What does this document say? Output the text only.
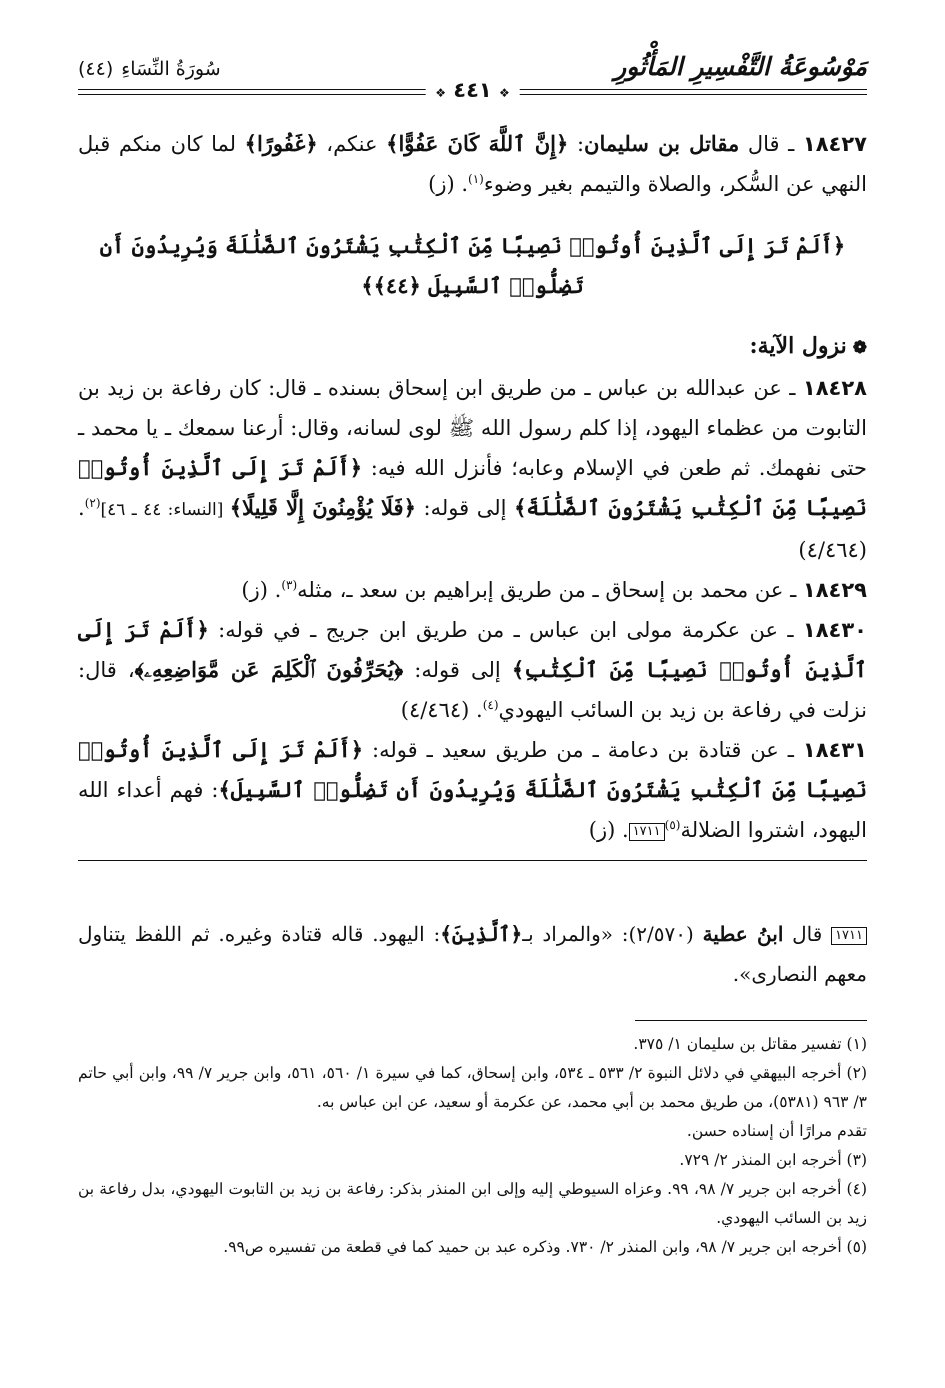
مَوْسُوعَةُ التَّفْسِيرِ المَأْثُورِ
سُورَةُ النِّسَاءِ(٤٤)
❖ ٤٤١ ❖

١٨٤٢٧ ـ قال مقاتل بن سليمان: ﴿إِنَّ ٱللَّهَ كَانَ عَفُوًّا﴾ عنكم، ﴿غَفُورًا﴾ لما كان منكم قبل النهي عن السُّكر، والصلاة والتيمم بغير وضوء$^{(١)}$. (ز)

﴿أَلَمْ تَرَ إِلَى ٱلَّذِينَ أُوتُوا۟ نَصِيبًا مِّنَ ٱلْكِتَٰبِ يَشْتَرُونَ ٱلضَّلَٰلَةَ وَيُرِيدُونَ أَن تَضِلُّوا۟ ٱلسَّبِيلَ ﴿٤٤﴾﴾

❁نزول الآية:

١٨٤٢٨ ـ عن عبدالله بن عباس ـ من طريق ابن إسحاق بسنده ـ قال: كان رفاعة بن زيد بن التابوت من عظماء اليهود، إذا كلم رسول الله ﷺ لوى لسانه، وقال: أرعنا سمعك ـ يا محمد ـ حتى نفهمك. ثم طعن في الإسلام وعابه؛ فأنزل الله فيه: ﴿أَلَمْ تَرَ إِلَى ٱلَّذِينَ أُوتُوا۟ نَصِيبًا مِّنَ ٱلْكِتَٰبِ يَشْتَرُونَ ٱلضَّلَٰلَةَ﴾ إلى قوله: ﴿فَلَا يُؤْمِنُونَ إِلَّا قَلِيلًا﴾ [النساء: ٤٤ ـ ٤٦]$^{(٢)}$. (٤/٤٦٤)

١٨٤٢٩ ـ عن محمد بن إسحاق ـ من طريق إبراهيم بن سعد ـ، مثله$^{(٣)}$. (ز)

١٨٤٣٠ ـ عن عكرمة مولى ابن عباس ـ من طريق ابن جريج ـ في قوله: ﴿أَلَمْ تَرَ إِلَى ٱلَّذِينَ أُوتُوا۟ نَصِيبًا مِّنَ ٱلْكِتَٰبِ﴾ إلى قوله: ﴿يُحَرِّفُونَ ٱلْكَلِمَ عَن مَّوَاضِعِهِۦ﴾، قال: نزلت في رفاعة بن زيد بن السائب اليهودي$^{(٤)}$. (٤/٤٦٤)

١٨٤٣١ ـ عن قتادة بن دعامة ـ من طريق سعيد ـ قوله: ﴿أَلَمْ تَرَ إِلَى ٱلَّذِينَ أُوتُوا۟ نَصِيبًا مِّنَ ٱلْكِتَٰبِ يَشْتَرُونَ ٱلضَّلَٰلَةَ وَيُرِيدُونَ أَن تَضِلُّوا۟ ٱلسَّبِيلَ﴾: فهم أعداء الله اليهود، اشتروا الضلالة$^{(٥)}$١٧١١. (ز)

١٧١١ قال ابنُ عطية (٢/٥٧٠): «والمراد بـ﴿ٱلَّذِينَ﴾: اليهود. قاله قتادة وغيره. ثم اللفظ يتناول معهم النصارى».

(١) تفسير مقاتل بن سليمان ١/ ٣٧٥.

(٢) أخرجه البيهقي في دلائل النبوة ٢/ ٥٣٣ ـ ٥٣٤، وابن إسحاق، كما في سيرة ١/ ٥٦٠، ٥٦١، وابن جرير ٧/ ٩٩، وابن أبي حاتم ٣/ ٩٦٣ (٥٣٨١)، من طريق محمد بن أبي محمد، عن عكرمة أو سعيد، عن ابن عباس به.

تقدم مرارًا أن إسناده حسن.

(٣) أخرجه ابن المنذر ٢/ ٧٢٩.

(٤) أخرجه ابن جرير ٧/ ٩٨، ٩٩. وعزاه السيوطي إليه وإلى ابن المنذر بذكر: رفاعة بن زيد بن التابوت اليهودي، بدل رفاعة بن زيد بن السائب اليهودي.

(٥) أخرجه ابن جرير ٧/ ٩٨، وابن المنذر ٢/ ٧٣٠. وذكره عبد بن حميد كما في قطعة من تفسيره ص٩٩.
